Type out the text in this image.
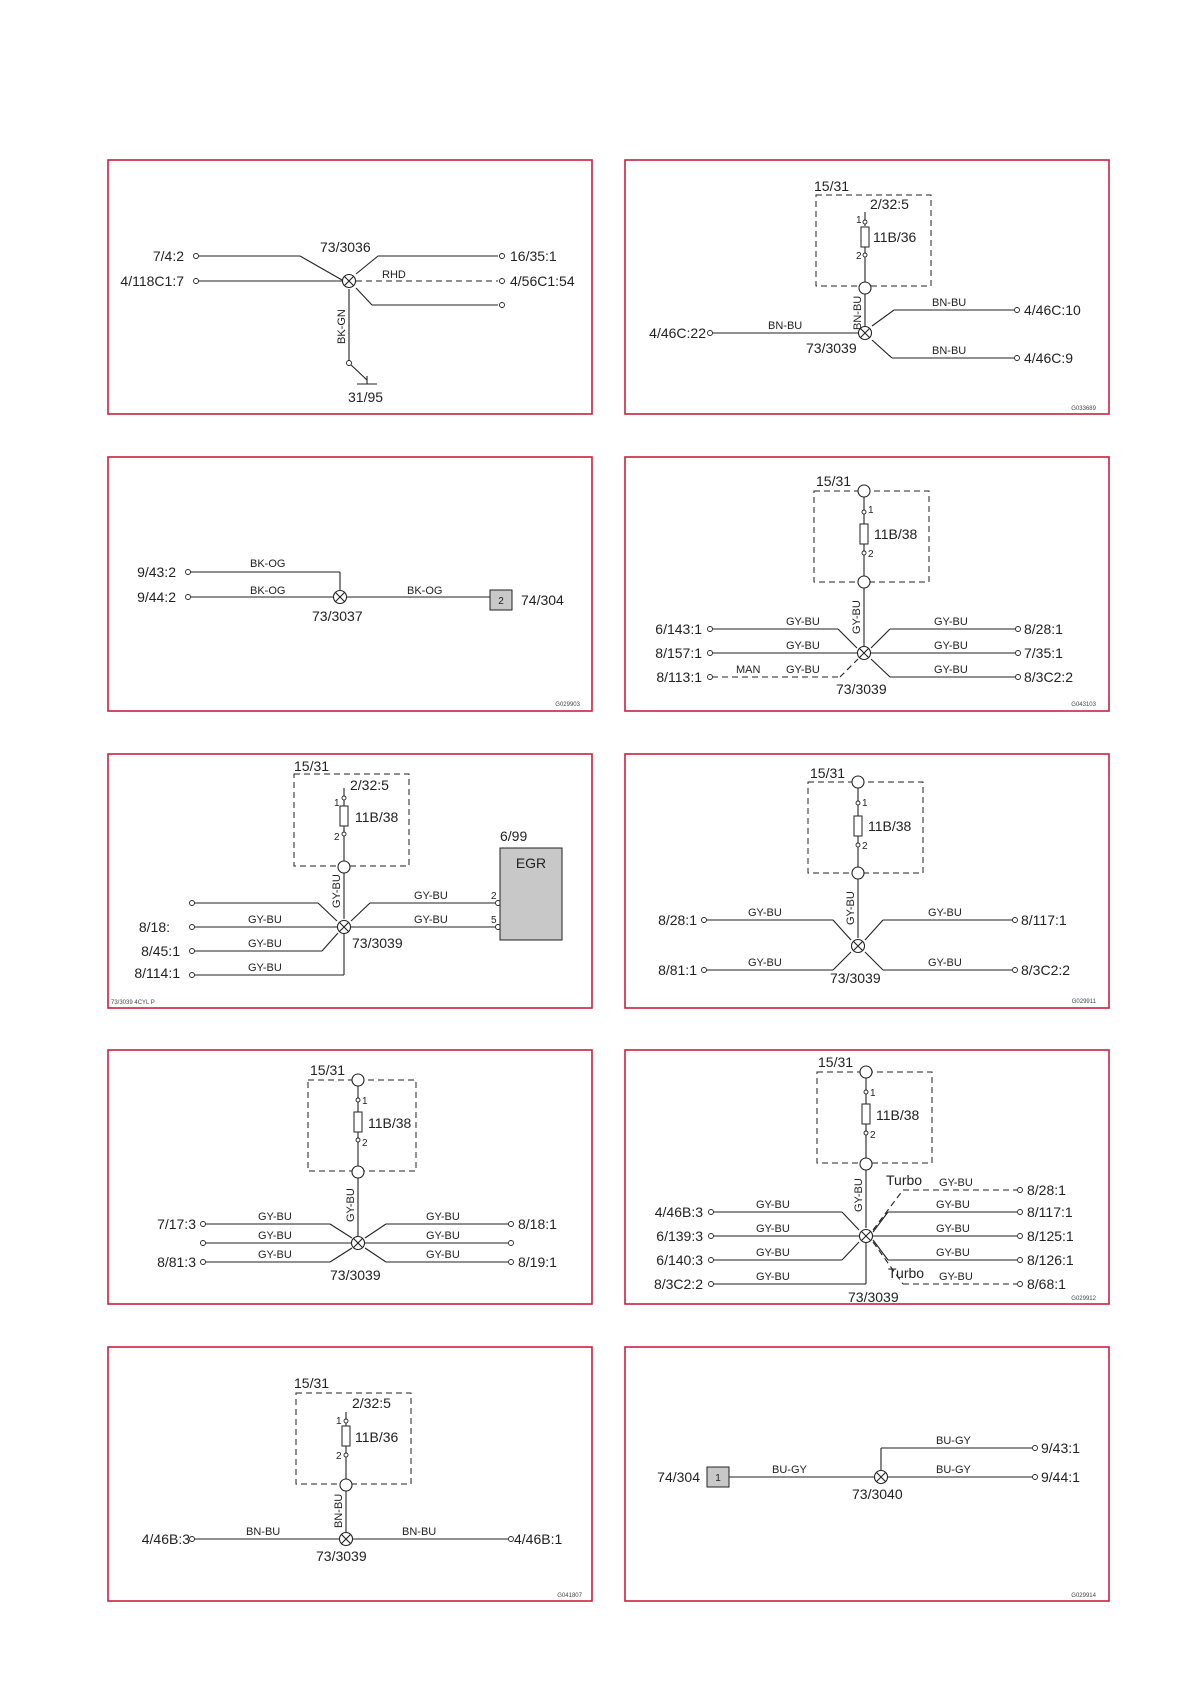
7/4:2
4/118C1:7
16/35:1
4/56C1:54
73/3036
RHD
BK-GN
31/95
15/31
2/32:5
1
2
11B/36
BN-BU
4/46C:22	BN-BU
4/46C:10
BN-BU
4/46C:9
BN-BU
73/3039
G033689
9/43:2
9/44:2
BK-OG
BK-OG	BK-OG
73/3037
2 74/304
G029903
15/31
1
2
11B/38
GY-BU
6/143:1
8/157:1
8/113:1
GY-BU
GY-BU
GY-BU
MAN
8/28:1
7/35:1
8/3C2:2
GY-BU
GY-BU
GY-BU
73/3039
G043103
15/31
2/32:5
1
2
11B/38
GY-BU
6/99
EGR
2
5
8/18:
8/45:1
8/114:1
GY-BU
GY-BU
GY-BU
GY-BU
GY-BU
73/3039
73/3039 4CYL P
15/31
1
2
11B/38
GY-BU
8/28:1
8/81:1
GY-BU
GY-BU
8/117:1
8/3C2:2
GY-BU
GY-BU
73/3039
G029911
15/31
1
2
11B/38
GY-BU
7/17:3
8/81:3
GY-BU
GY-BU
GY-BU
8/18:1
8/19:1
GY-BU
GY-BU
GY-BU
73/3039
15/31
1
2
11B/38
GY-BU Turbo
Turbo
4/46B:3
6/139:3
6/140:3
8/3C2:2
GY-BU
GY-BU
GY-BU
GY-BU
8/28:1
8/117:1
8/125:1
8/126:1
8/68:1
GY-BU
GY-BU
GY-BU
GY-BU
GY-BU
73/3039	G029912
15/31
2/32:5
1
2
11B/36
BN-BU
4/46B:3	4/46B:1
BN-BU	BN-BU
73/3039
G041807
74/304 1
BU-GY
BU-GY
BU-GY
9/43:1
9/44:1
73/3040
G029914
